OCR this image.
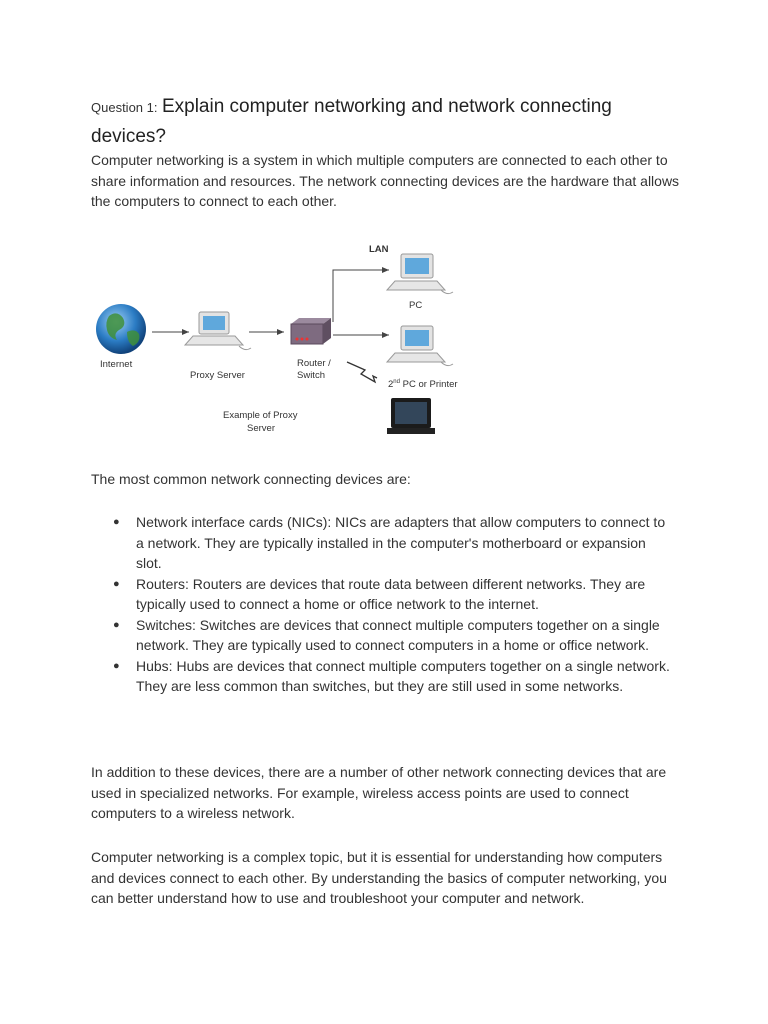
Question 1: Explain computer networking and network connecting devices?

Computer networking is a system in which multiple computers are connected to each other to share information and resources. The network connecting devices are the hardware that allows the computers to connect to each other.

Internet
Proxy Server
Router /
Switch
LAN
PC
2nd PC or Printer
Example of Proxy
Server

The most common network connecting devices are:

● Network interface cards (NICs): NICs are adapters that allow computers to connect to a network. They are typically installed in the computer's motherboard or expansion slot.
● Routers: Routers are devices that route data between different networks. They are typically used to connect a home or office network to the internet.
● Switches: Switches are devices that connect multiple computers together on a single network. They are typically used to connect computers in a home or office network.
● Hubs: Hubs are devices that connect multiple computers together on a single network. They are less common than switches, but they are still used in some networks.

In addition to these devices, there are a number of other network connecting devices that are used in specialized networks. For example, wireless access points are used to connect computers to a wireless network.

Computer networking is a complex topic, but it is essential for understanding how computers and devices connect to each other. By understanding the basics of computer networking, you can better understand how to use and troubleshoot your computer and network.
